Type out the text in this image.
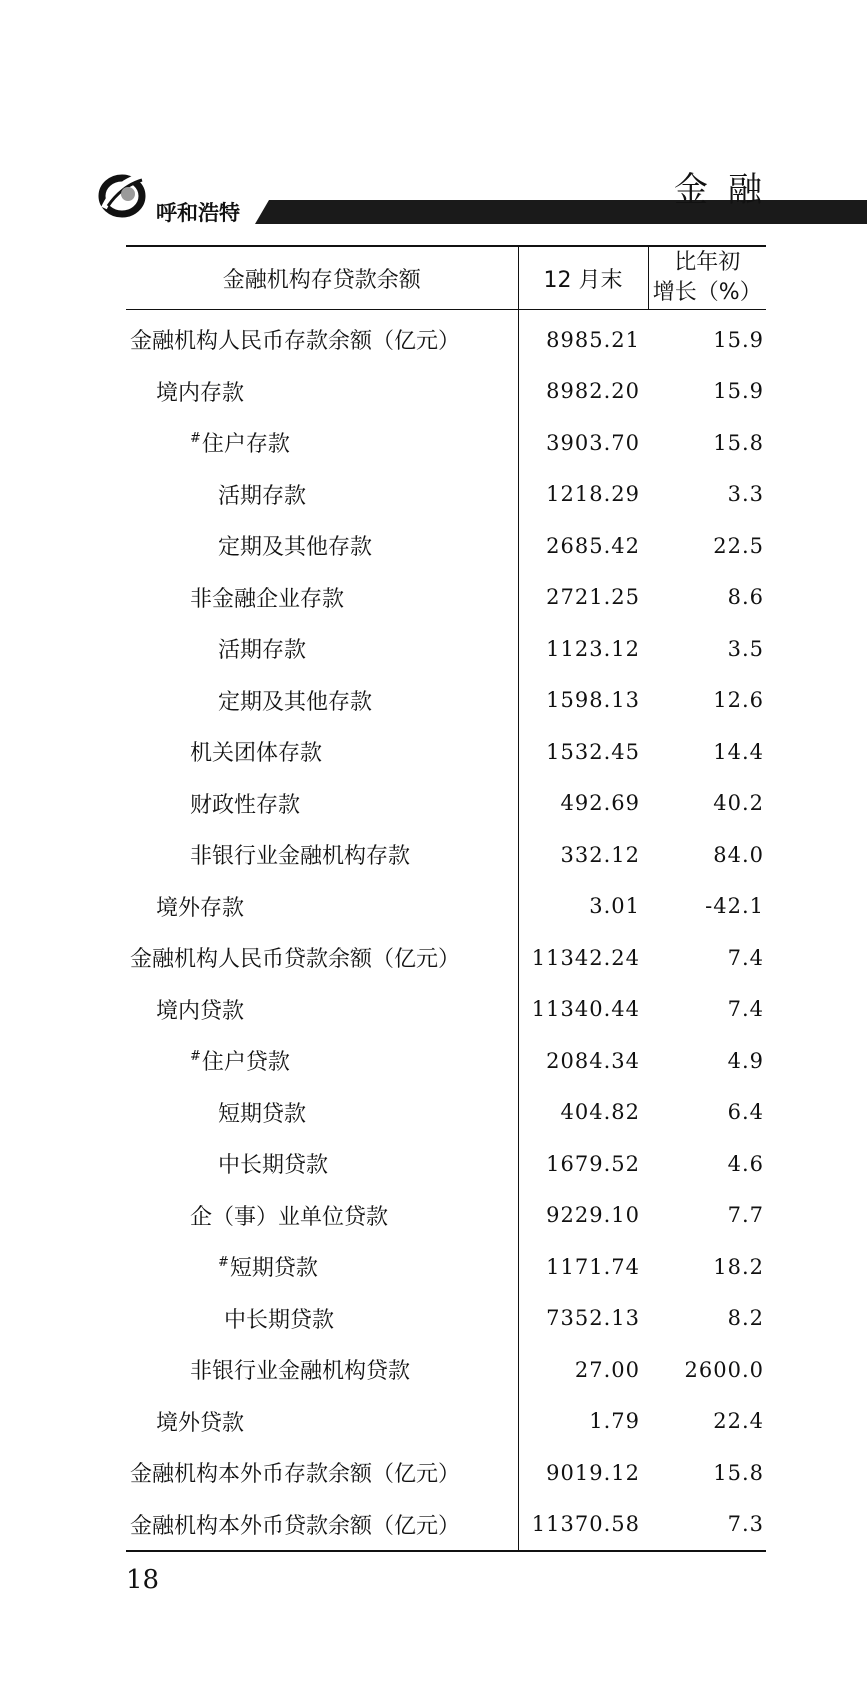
呼和浩特
金融
金融机构存贷款余额	12 月末	比年初
增长（%）

金融机构人民币存款余额（亿元）	8985.21	15.9
境内存款	8982.20	15.9
#住户存款	3903.70	15.8
活期存款	1218.29	3.3
定期及其他存款	2685.42	22.5
非金融企业存款	2721.25	8.6
活期存款	1123.12	3.5
定期及其他存款	1598.13	12.6
机关团体存款	1532.45	14.4
财政性存款	492.69	40.2
非银行业金融机构存款	332.12	84.0
境外存款	3.01	-42.1
金融机构人民币贷款余额（亿元）	11342.24	7.4
境内贷款	11340.44	7.4
#住户贷款	2084.34	4.9
短期贷款	404.82	6.4
中长期贷款	1679.52	4.6
企（事）业单位贷款	9229.10	7.7
#短期贷款	1171.74	18.2
中长期贷款	7352.13	8.2
非银行业金融机构贷款	27.00	2600.0
境外贷款	1.79	22.4
金融机构本外币存款余额（亿元）	9019.12	15.8
金融机构本外币贷款余额（亿元）	11370.58	7.3
18
